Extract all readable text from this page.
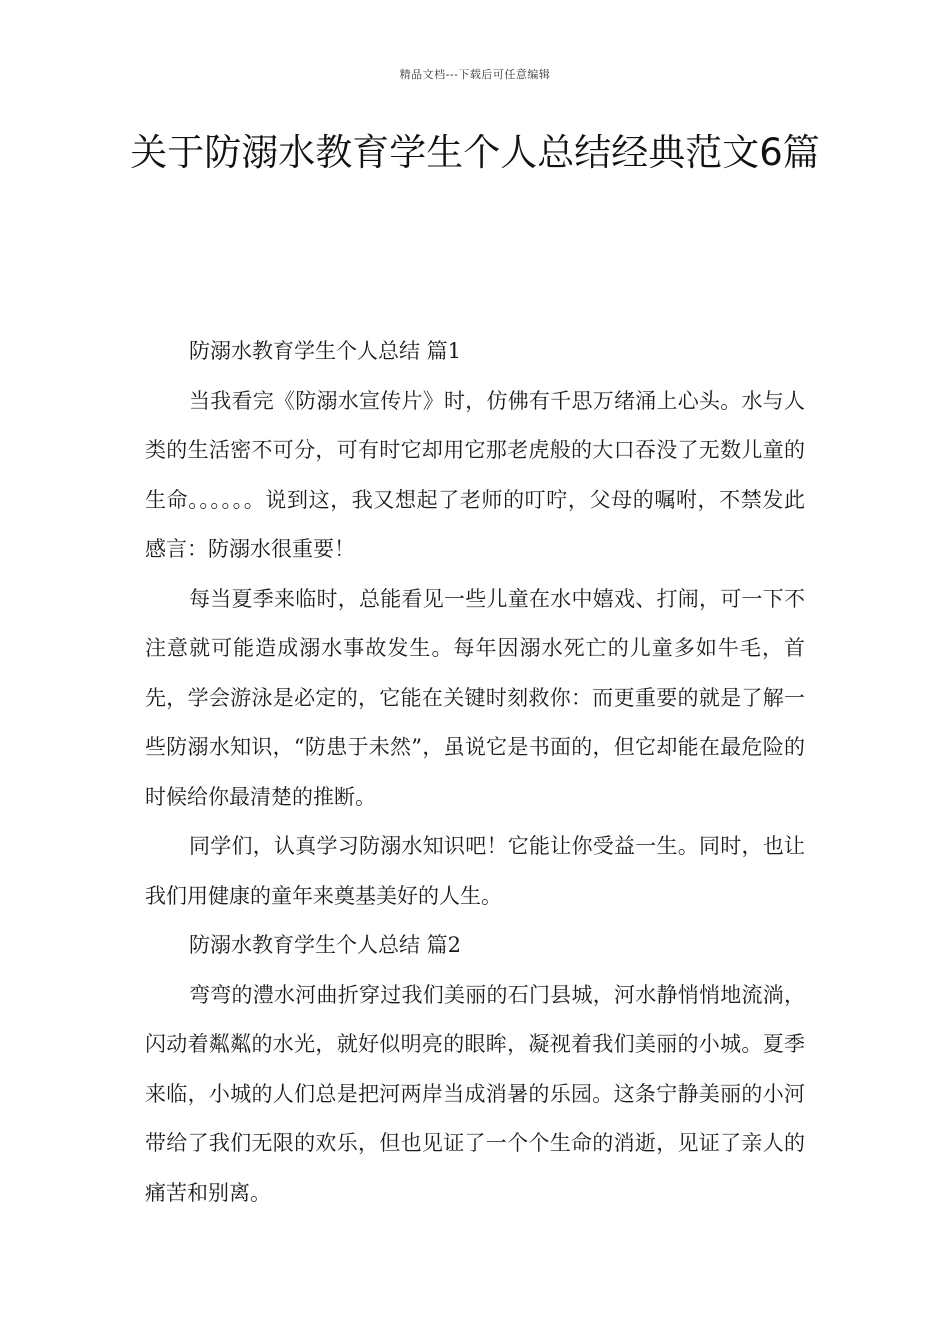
精品文档---下载后可任意编辑
关于防溺水教育学生个人总结经典范文6篇

防溺水教育学生个人总结 篇1

当我看完《防溺水宣传片》时，仿佛有千思万绪涌上心头。水与人类的生活密不可分，可有时它却用它那老虎般的大口吞没了无数儿童的生命。。。。。。说到这，我又想起了老师的叮咛，父母的嘱咐，不禁发此感言：防溺水很重要！

每当夏季来临时，总能看见一些儿童在水中嬉戏、打闹，可一下不注意就可能造成溺水事故发生。每年因溺水死亡的儿童多如牛毛，首先，学会游泳是必定的，它能在关键时刻救你：而更重要的就是了解一些防溺水知识，“防患于未然”，虽说它是书面的，但它却能在最危险的时候给你最清楚的推断。

同学们，认真学习防溺水知识吧！它能让你受益一生。同时，也让我们用健康的童年来奠基美好的人生。

防溺水教育学生个人总结 篇2

弯弯的澧水河曲折穿过我们美丽的石门县城，河水静悄悄地流淌，闪动着粼粼的水光，就好似明亮的眼眸，凝视着我们美丽的小城。夏季来临，小城的人们总是把河两岸当成消暑的乐园。这条宁静美丽的小河带给了我们无限的欢乐，但也见证了一个个生命的消逝，见证了亲人的痛苦和别离。
